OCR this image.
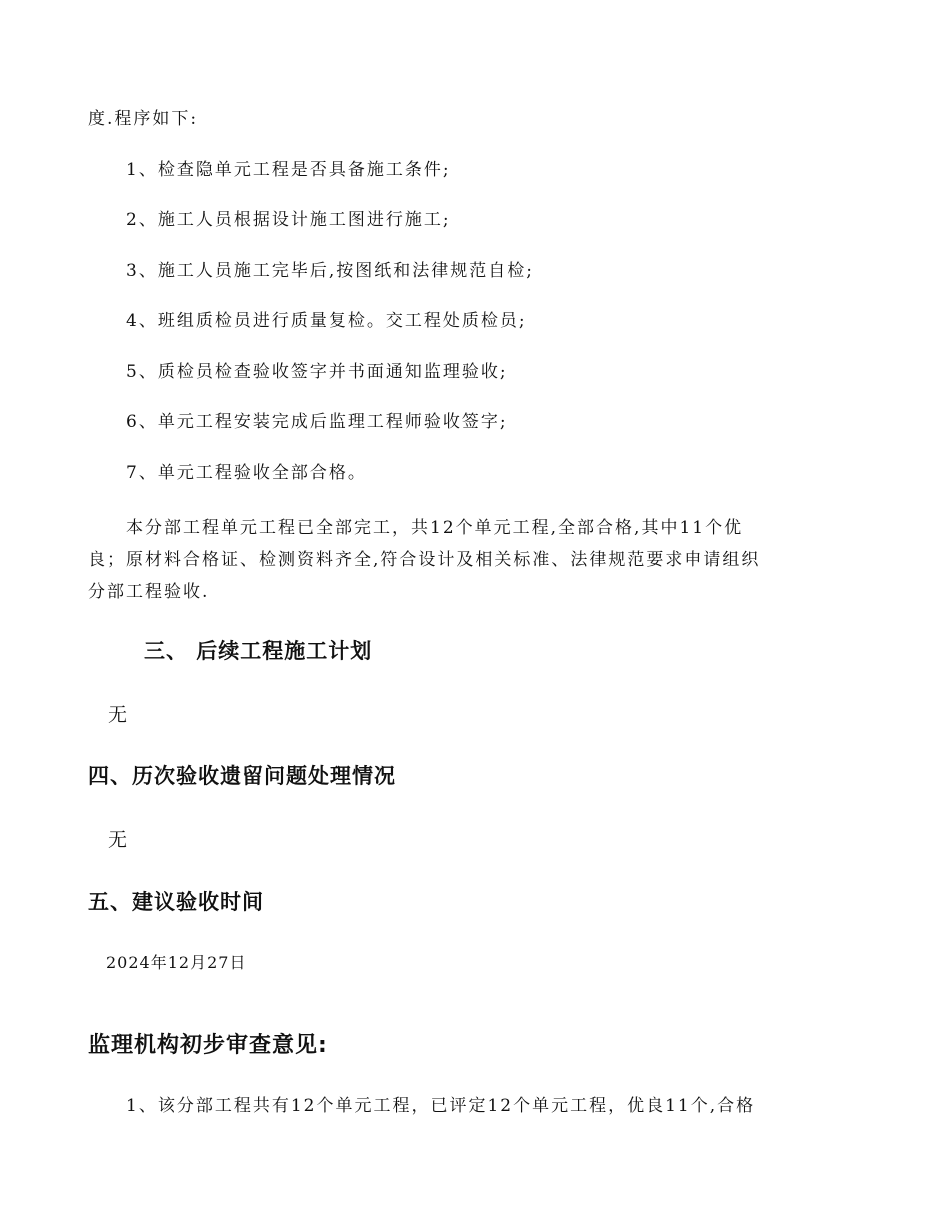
度.程序如下:
1、检查隐单元工程是否具备施工条件;
2、施工人员根据设计施工图进行施工;
3、施工人员施工完毕后,按图纸和法律规范自检;
4、班组质检员进行质量复检。交工程处质检员;
5、质检员检查验收签字并书面通知监理验收;
6、单元工程安装完成后监理工程师验收签字;
7、单元工程验收全部合格。
本分部工程单元工程已全部完工，共12个单元工程,全部合格,其中11个优
良；原材料合格证、检测资料齐全,符合设计及相关标准、法律规范要求申请组织
分部工程验收.
三、 后续工程施工计划
无
四、历次验收遗留问题处理情况
无
五、建议验收时间
2024年12月27日
监理机构初步审查意见:
1、该分部工程共有12个单元工程，已评定12个单元工程，优良11个,合格
